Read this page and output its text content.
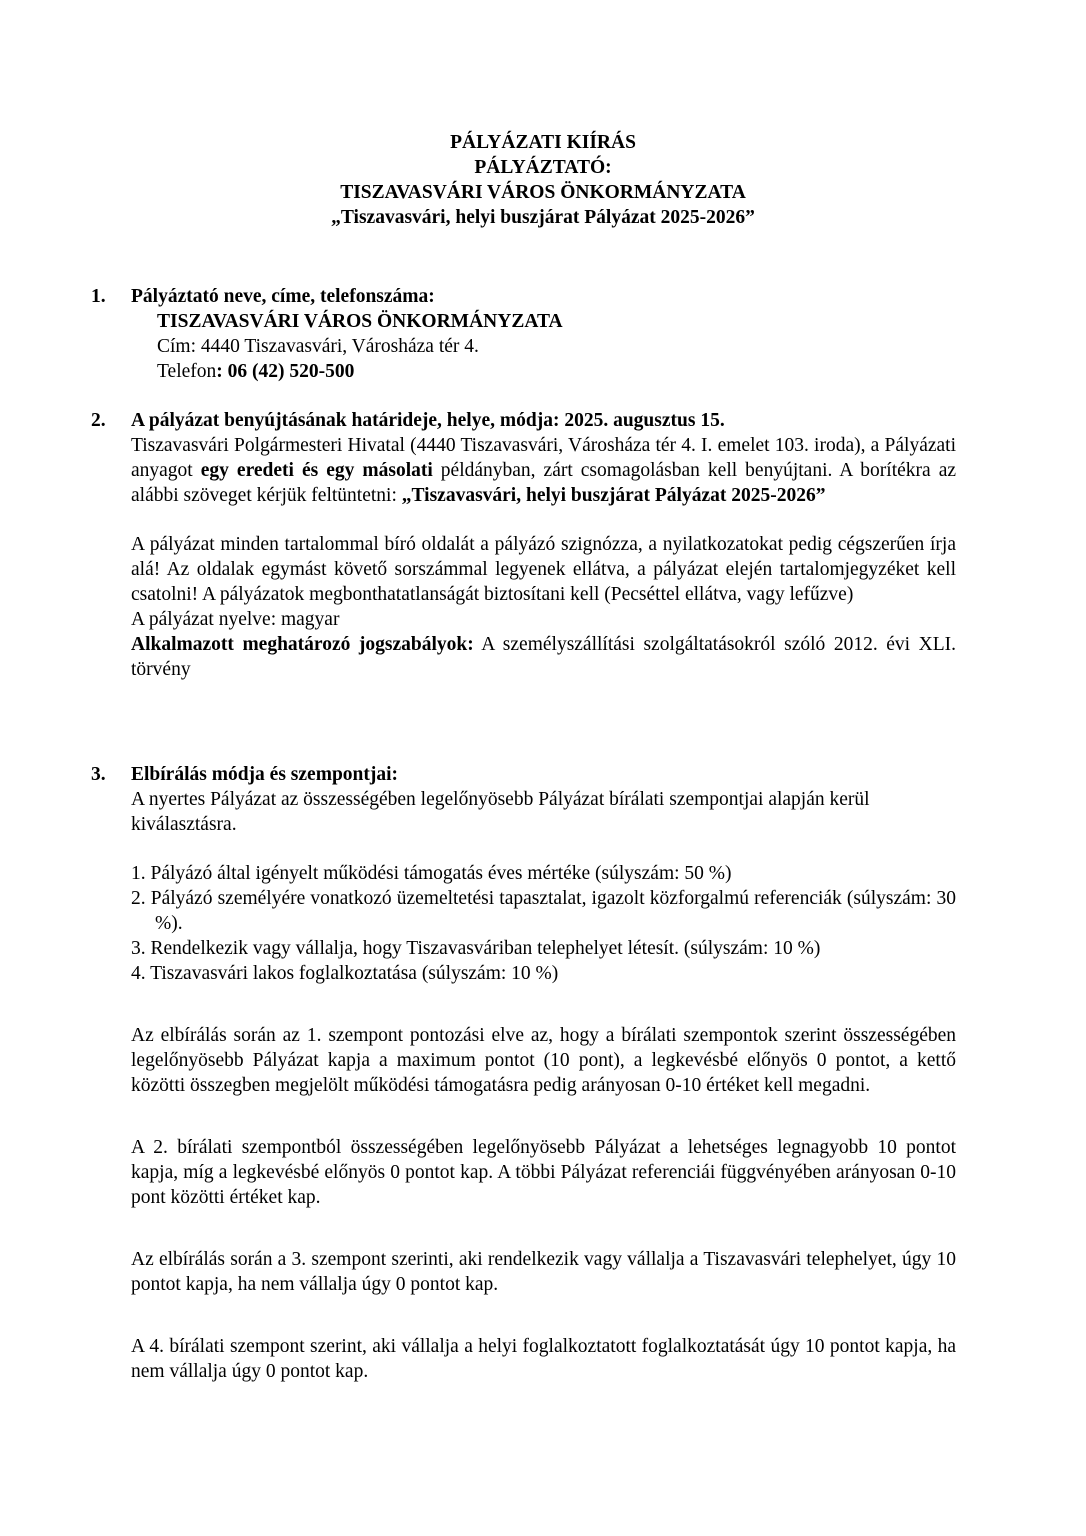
PÁLYÁZATI KIÍRÁS
PÁLYÁZTATÓ:
TISZAVASVÁRI VÁROS ÖNKORMÁNYZATA
„Tiszavasvári, helyi buszjárat Pályázat 2025-2026”
1. Pályáztató neve, címe, telefonszáma:
TISZAVASVÁRI VÁROS ÖNKORMÁNYZATA
Cím: 4440 Tiszavasvári, Városháza tér 4.
Telefon: 06 (42) 520-500
2. A pályázat benyújtásának határideje, helye, módja: 2025. augusztus 15.

Tiszavasvári Polgármesteri Hivatal (4440 Tiszavasvári, Városháza tér 4. I. emelet 103. iroda), a Pályázati anyagot egy eredeti és egy másolati példányban, zárt csomagolásban kell benyújtani. A borítékra az alábbi szöveget kérjük feltüntetni: „Tiszavasvári, helyi buszjárat Pályázat 2025-2026”

A pályázat minden tartalommal bíró oldalát a pályázó szignózza, a nyilatkozatokat pedig cégszerűen írja alá! Az oldalak egymást követő sorszámmal legyenek ellátva, a pályázat elején tartalomjegyzéket kell csatolni! A pályázatok megbonthatatlanságát biztosítani kell (Pecséttel ellátva, vagy lefűzve)

A pályázat nyelve: magyar

Alkalmazott meghatározó jogszabályok: A személyszállítási szolgáltatásokról szóló 2012. évi XLI. törvény

3. Elbírálás módja és szempontjai:

A nyertes Pályázat az összességében legelőnyösebb Pályázat bírálati szempontjai alapján kerül kiválasztásra.

1. Pályázó által igényelt működési támogatás éves mértéke (súlyszám: 50 %)

2. Pályázó személyére vonatkozó üzemeltetési tapasztalat, igazolt közforgalmú referenciák (súlyszám: 30 %).

3. Rendelkezik vagy vállalja, hogy Tiszavasváriban telephelyet létesít. (súlyszám: 10 %)

4. Tiszavasvári lakos foglalkoztatása (súlyszám: 10 %)

Az elbírálás során az 1. szempont pontozási elve az, hogy a bírálati szempontok szerint összességében legelőnyösebb Pályázat kapja a maximum pontot (10 pont), a legkevésbé előnyös 0 pontot, a kettő közötti összegben megjelölt működési támogatásra pedig arányosan 0-10 értéket kell megadni.

A 2. bírálati szempontból összességében legelőnyösebb Pályázat a lehetséges legnagyobb 10 pontot kapja, míg a legkevésbé előnyös 0 pontot kap. A többi Pályázat referenciái függvényében arányosan 0-10 pont közötti értéket kap.

Az elbírálás során a 3. szempont szerinti, aki rendelkezik vagy vállalja a Tiszavasvári telephelyet, úgy 10 pontot kapja, ha nem vállalja úgy 0 pontot kap.

A 4. bírálati szempont szerint, aki vállalja a helyi foglalkoztatott foglalkoztatását úgy 10 pontot kapja, ha nem vállalja úgy 0 pontot kap.
